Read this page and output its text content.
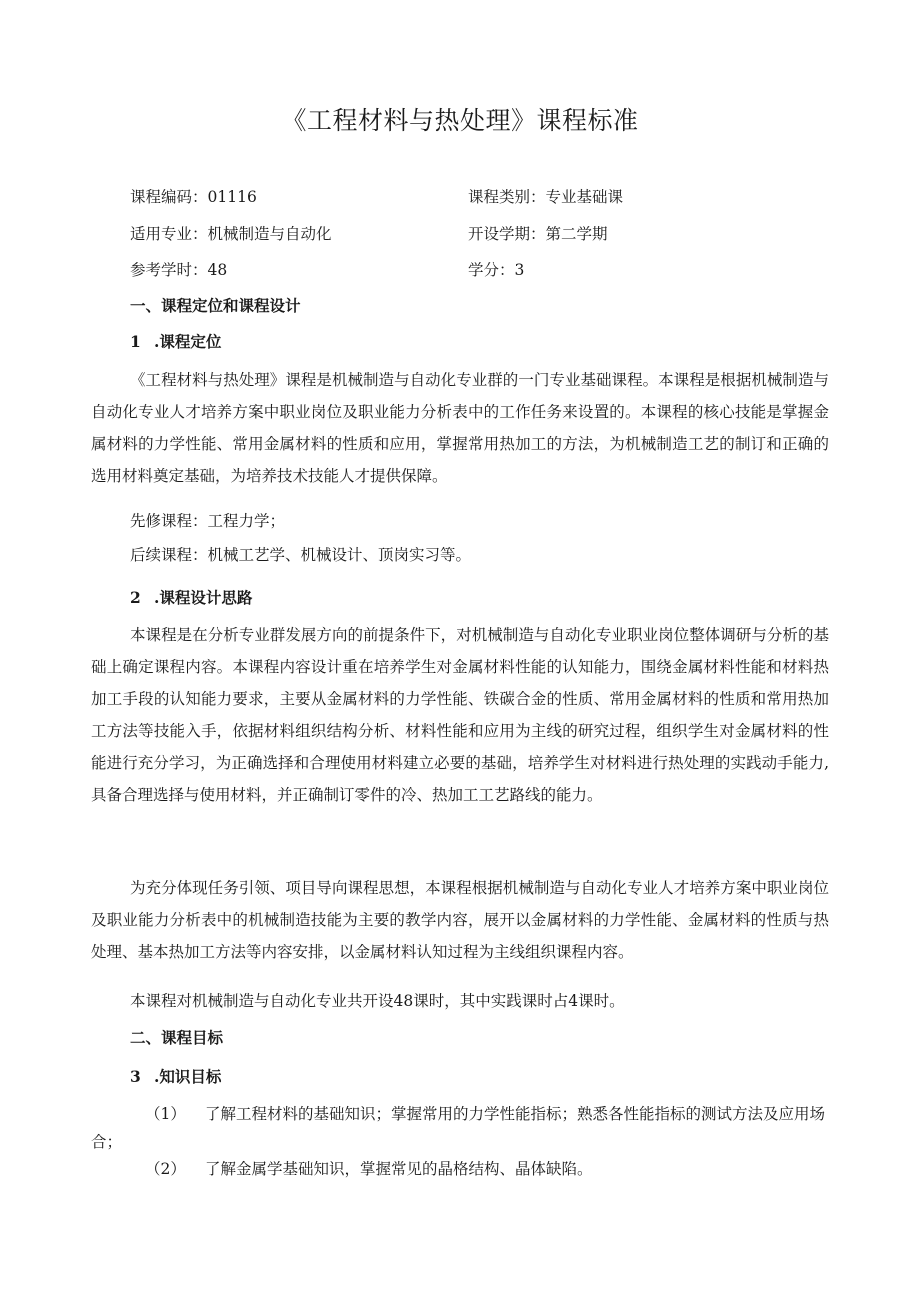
《工程材料与热处理》课程标准
课程编码：01116	课程类别：专业基础课
适用专业：机械制造与自动化	开设学期：第二学期
参考学时：48	学分：3
一、课程定位和课程设计
1 .课程定位

《工程材料与热处理》课程是机械制造与自动化专业群的一门专业基础课程。本课程是根据机械制造与自动化专业人才培养方案中职业岗位及职业能力分析表中的工作任务来设置的。本课程的核心技能是掌握金属材料的力学性能、常用金属材料的性质和应用，掌握常用热加工的方法，为机械制造工艺的制订和正确的选用材料奠定基础，为培养技术技能人才提供保障。

先修课程：工程力学；
后续课程：机械工艺学、机械设计、顶岗实习等。
2 .课程设计思路

本课程是在分析专业群发展方向的前提条件下，对机械制造与自动化专业职业岗位整体调研与分析的基础上确定课程内容。本课程内容设计重在培养学生对金属材料性能的认知能力，围绕金属材料性能和材料热加工手段的认知能力要求，主要从金属材料的力学性能、铁碳合金的性质、常用金属材料的性质和常用热加工方法等技能入手，依据材料组织结构分析、材料性能和应用为主线的研究过程，组织学生对金属材料的性能进行充分学习，为正确选择和合理使用材料建立必要的基础，培养学生对材料进行热处理的实践动手能力,具备合理选择与使用材料，并正确制订零件的冷、热加工工艺路线的能力。

为充分体现任务引领、项目导向课程思想，本课程根据机械制造与自动化专业人才培养方案中职业岗位及职业能力分析表中的机械制造技能为主要的教学内容，展开以金属材料的力学性能、金属材料的性质与热处理、基本热加工方法等内容安排，以金属材料认知过程为主线组织课程内容。

本课程对机械制造与自动化专业共开设48课时，其中实践课时占4课时。

二、课程目标
3 .知识目标
（1） 了解工程材料的基础知识；掌握常用的力学性能指标；熟悉各性能指标的测试方法及应用场合；
（2） 了解金属学基础知识，掌握常见的晶格结构、晶体缺陷。
